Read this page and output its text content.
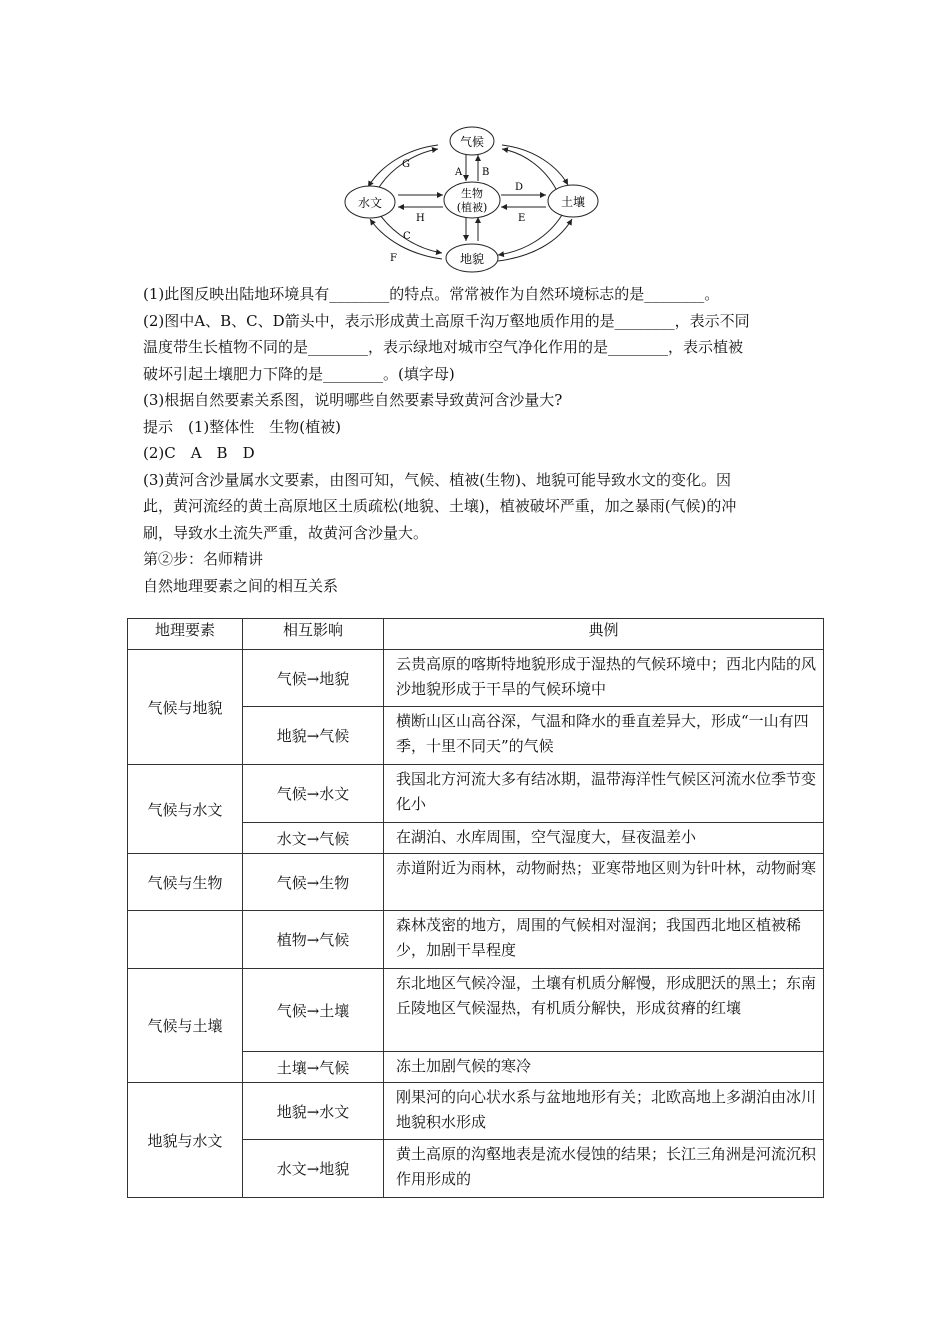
气候
水文
生物
(植被)	土壤
地貌
A B
C
D
E
F
G
H

(1)此图反映出陆地环境具有________的特点。常常被作为自然环境标志的是________。

(2)图中A、B、C、D箭头中，表示形成黄土高原千沟万壑地质作用的是________，表示不同

温度带生长植物不同的是________，表示绿地对城市空气净化作用的是________，表示植被

破坏引起土壤肥力下降的是________。(填字母)

(3)根据自然要素关系图，说明哪些自然要素导致黄河含沙量大?

提示　(1)整体性　生物(植被)

(2)C　A　B　D

(3)黄河含沙量属水文要素，由图可知，气候、植被(生物)、地貌可能导致水文的变化。因

此，黄河流经的黄土高原地区土质疏松(地貌、土壤)，植被破坏严重，加之暴雨(气候)的冲

刷，导致水土流失严重，故黄河含沙量大。

第②步：名师精讲

自然地理要素之间的相互关系

地理要素	相互影响	典例
气候与地貌	气候→地貌	云贵高原的喀斯特地貌形成于湿热的气候环境中；西北内陆的风沙地貌形成于干旱的气候环境中
	地貌→气候	横断山区山高谷深，气温和降水的垂直差异大，形成“一山有四季，十里不同天”的气候
气候与水文	气候→水文	我国北方河流大多有结冰期，温带海洋性气候区河流水位季节变化小
	水文→气候	在湖泊、水库周围，空气湿度大，昼夜温差小
气候与生物	气候→生物	赤道附近为雨林，动物耐热；亚寒带地区则为针叶林，动物耐寒
	植物→气候	森林茂密的地方，周围的气候相对湿润；我国西北地区植被稀少，加剧干旱程度
气候与土壤	气候→土壤	东北地区气候冷湿，土壤有机质分解慢，形成肥沃的黑土；东南丘陵地区气候湿热，有机质分解快，形成贫瘠的红壤
	土壤→气候	冻土加剧气候的寒冷
地貌与水文	地貌→水文	刚果河的向心状水系与盆地地形有关；北欧高地上多湖泊由冰川地貌积水形成
	水文→地貌	黄土高原的沟壑地表是流水侵蚀的结果；长江三角洲是河流沉积作用形成的
